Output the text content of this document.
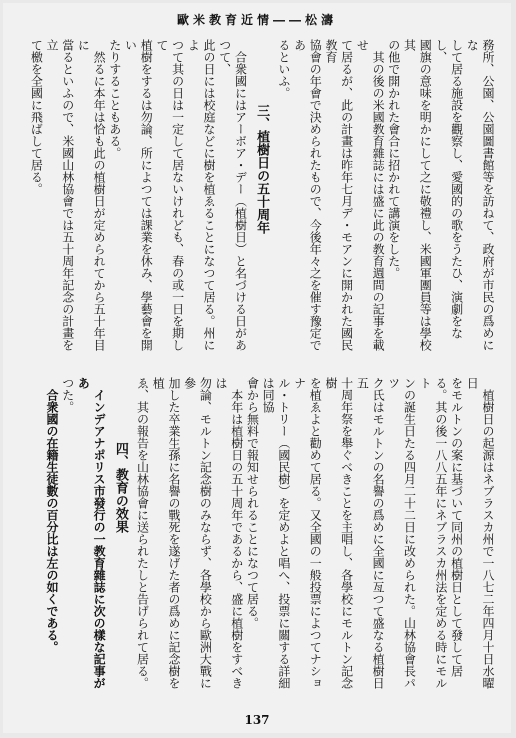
歐米教育近情――松濤

務所、公園、公園圖書館等を訪ねて、政府が市民の爲めにな

して居る施設を觀察し、愛國的の歌をうたひ、演劇をなし、

國旗の意味を明かにして之に敬禮し、米國軍團員等は學校其

の他で開かれた會合に招かれて講演をした。

其の後の米國教育雜誌には盛に此の教育週間の記事を載せ

て居るが、此の計畫は昨年七月デ・モアンに開かれた國民教育

協會の年會で決められたもので、今後年々之を催す豫定であ

るといふ。

三、植樹日の五十周年

合衆國にはアーボア・デー（植樹日）と名づける日があつて、

此の日には校庭などに樹を植ゑることになつて居る。州によ

つて其の日は一定して居ないけれども、春の或一日を期して

植樹をするは勿論、所によつては課業を休み、學藝會を開い

たりすることもある。

然るに本年は恰も此の植樹日が定められてから五十年目に

當るといふので、米國山林協會では五十周年記念の計畫を立

て檄を全國に飛ばして居る。

植樹日の起源はネブラスカ州で一八七二年四月十日水曜日

をモルトンの案に基づいて同州の植樹日として發して居

る。其の後一八八五年にネブラスカ州法を定める時にモルト

ンの誕生日たる四月二十二日に改められた。山林協會長パツ

ク氏はモルトンの名譽の爲めに全國に亙つて盛なる植樹日五

十周年祭を舉ぐべきことを主唱し、各學校にモルトン記念樹

を植ゑよと勸めて居る。又全國の一般投票によつてナショナ

ル・トリー（國民樹）を定めよと唱へ、投票に關する詳細は同協

會から無料で報知せられることになつて居る。

本年は植樹日の五十周年であるから、盛に植樹をすべきは

勿論、モルトン記念樹のみならず、各學校から歐洲大戰に參

加した卒業生孫に名譽の戰死を遂げた者の爲めに記念樹を植

ゑ、其の報告を山林協會に送られたしと告げられて居る。

四、教育の效果

インデアナポリス市發行の一教育雜誌に次の樣な記事があ

つた。

合衆國の在籍生徒數の百分比は左の如くである。

137
